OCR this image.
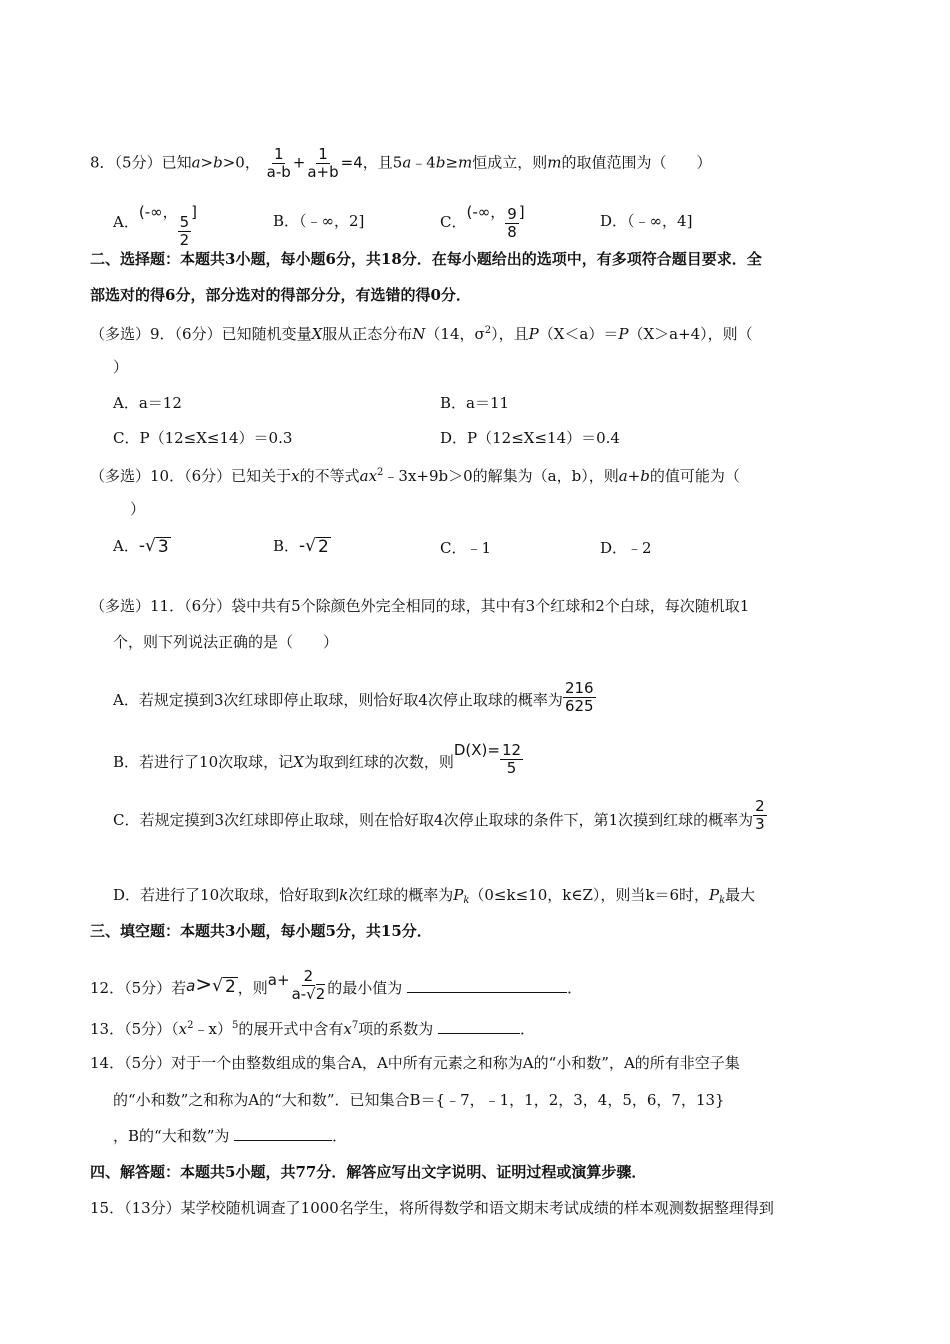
8．（5分）已知a>b>0， $\frac{1}{a-b} + \frac{1}{a+b} =4$，且5a﹣4b≥m恒成立，则m的取值范围为（　　）
A．(-∞，
$\frac{5}{2}$
]	B．（﹣∞，2]	C．(-∞， $\frac{9}{8}$ ]	D．（﹣∞，4]
二、选择题：本题共3小题，每小题6分，共18分．在每小题给出的选项中，有多项符合题目要求．全
部选对的得6分，部分选对的得部分分，有选错的得0分．
（多选）9．（6分）已知随机变量X服从正态分布N（14，$\sigma^2$），且P（X＜a）＝P（X＞a+4），则（
）
A．a＝12	B．a＝11
C．P（12≤X≤14）＝0.3	D．P（12≤X≤14）＝0.4
（多选）10．（6分）已知关于x的不等式$ax^2﹣3x+9b>0$的解集为（a，b），则a+b的值可能为（
）
A． - √ 3	B． - √ 2	C．﹣1	D．﹣2
（多选）11．（6分）袋中共有5个除颜色外完全相同的球，其中有3个红球和2个白球，每次随机取1
个，则下列说法正确的是（　　）
A．若规定摸到3次红球即停止取球，则恰好取4次停止取球的概率为 $\frac{216}{625}$
B．若进行了10次取球，记X为取到红球的次数，则$D(X)= \frac{12}{5}$
C．若规定摸到3次红球即停止取球，则在恰好取4次停止取球的条件下，第1次摸到红球的概率为 $\frac{2}{3}$
D．若进行了10次取球，恰好取到k次红球的概率为$P_k(0\le k\le 10$，k∈Z），则当k＝6时，$P_k$最大
三、填空题：本题共3小题，每小题5分，共15分．
12．（5分）若a> √ 2 ，则$a+ \frac{2}{a-√2}$ 的最小值为	．
13．（5分）$(x^2﹣x)^5$的展开式中含有$x^7$项的系数为	．
14．（5分）对于一个由整数组成的集合A，A中所有元素之和称为A的“小和数”，A的所有非空子集
的“小和数”之和称为A的“大和数”．已知集合B＝{﹣7，﹣1，1，2，3，4，5，6，7，13}
，B的“大和数”为	．
四、解答题：本题共5小题，共77分．解答应写出文字说明、证明过程或演算步骤．
15．（13分）某学校随机调查了1000名学生，将所得数学和语文期末考试成绩的样本观测数据整理得到
